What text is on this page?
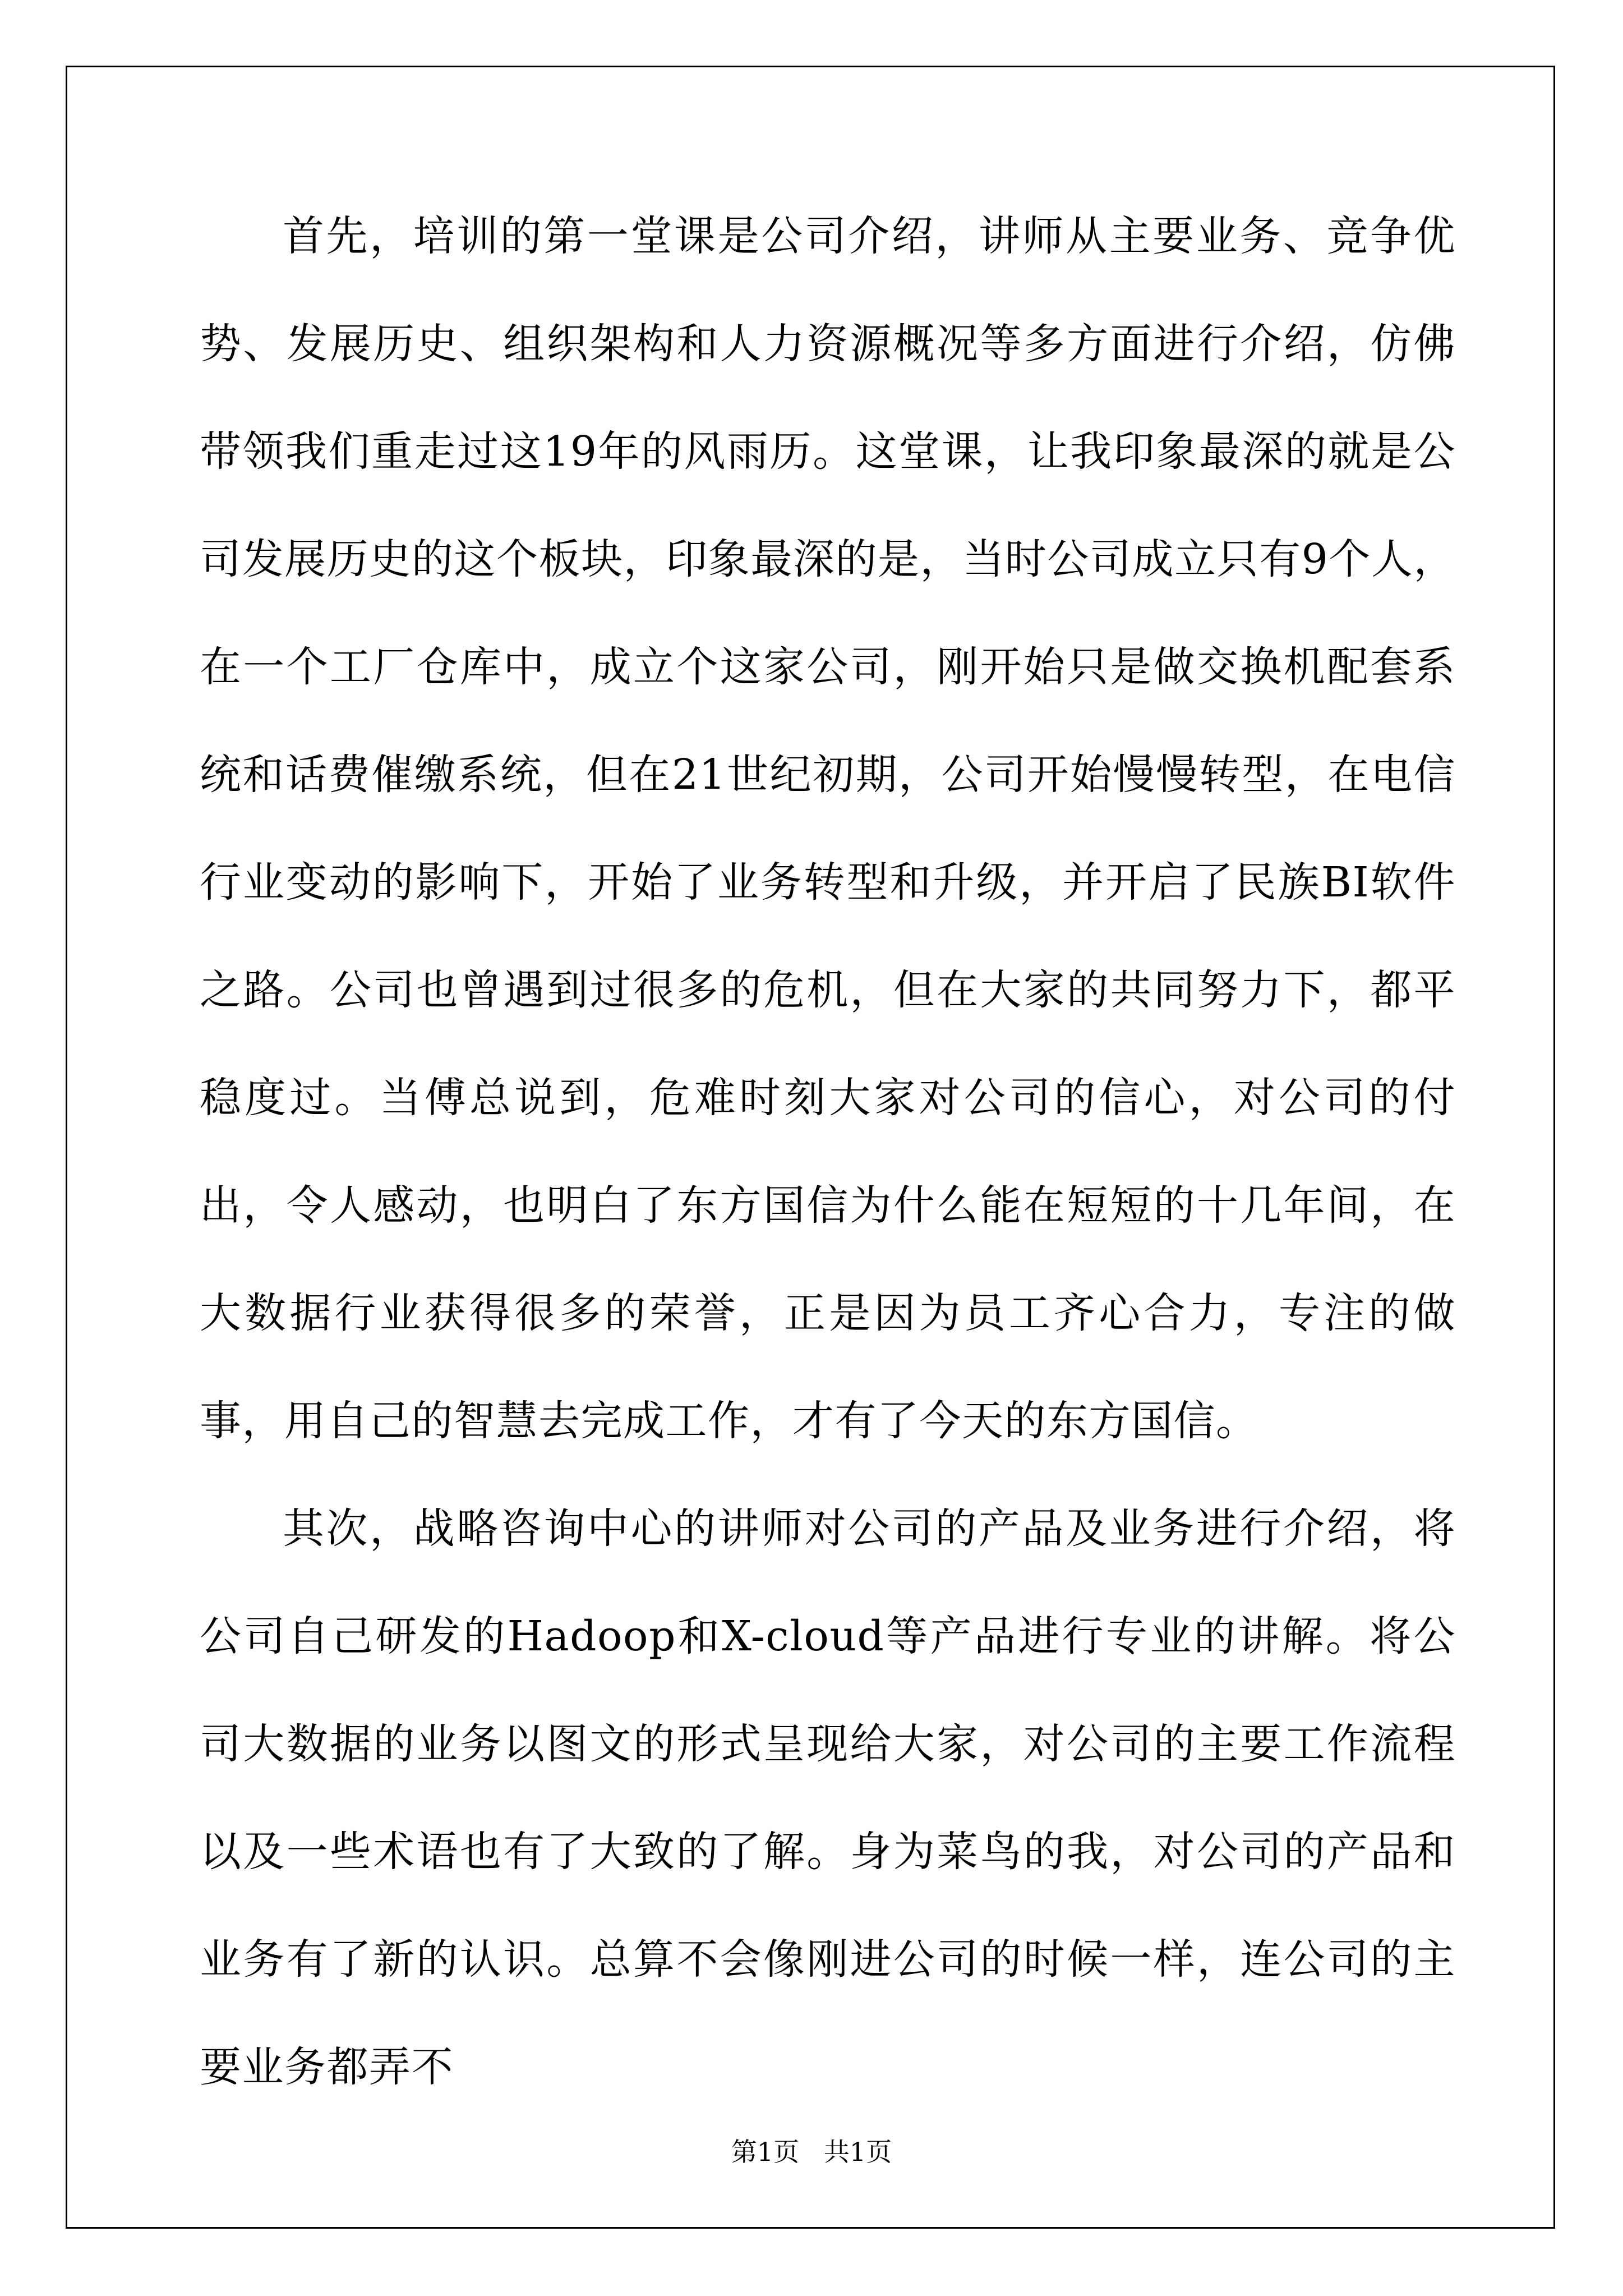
首先，培训的第一堂课是公司介绍，讲师从主要业务、竞争优势、发展历史、组织架构和人力资源概况等多方面进行介绍，仿佛带领我们重走过这19年的风雨历。这堂课，让我印象最深的就是公司发展历史的这个板块，印象最深的是，当时公司成立只有9个人，在一个工厂仓库中，成立个这家公司，刚开始只是做交换机配套系统和话费催缴系统，但在21世纪初期，公司开始慢慢转型，在电信行业变动的影响下，开始了业务转型和升级，并开启了民族BI软件之路。公司也曾遇到过很多的危机，但在大家的共同努力下，都平稳度过。当傅总说到，危难时刻大家对公司的信心，对公司的付出，令人感动，也明白了东方国信为什么能在短短的十几年间，在大数据行业获得很多的荣誉，正是因为员工齐心合力，专注的做事，用自己的智慧去完成工作，才有了今天的东方国信。

其次，战略咨询中心的讲师对公司的产品及业务进行介绍，将公司自己研发的Hadoop和X-cloud等产品进行专业的讲解。将公司大数据的业务以图文的形式呈现给大家，对公司的主要工作流程以及一些术语也有了大致的了解。身为菜鸟的我，对公司的产品和业务有了新的认识。总算不会像刚进公司的时候一样，连公司的主要业务都弄不

第1页   共1页
